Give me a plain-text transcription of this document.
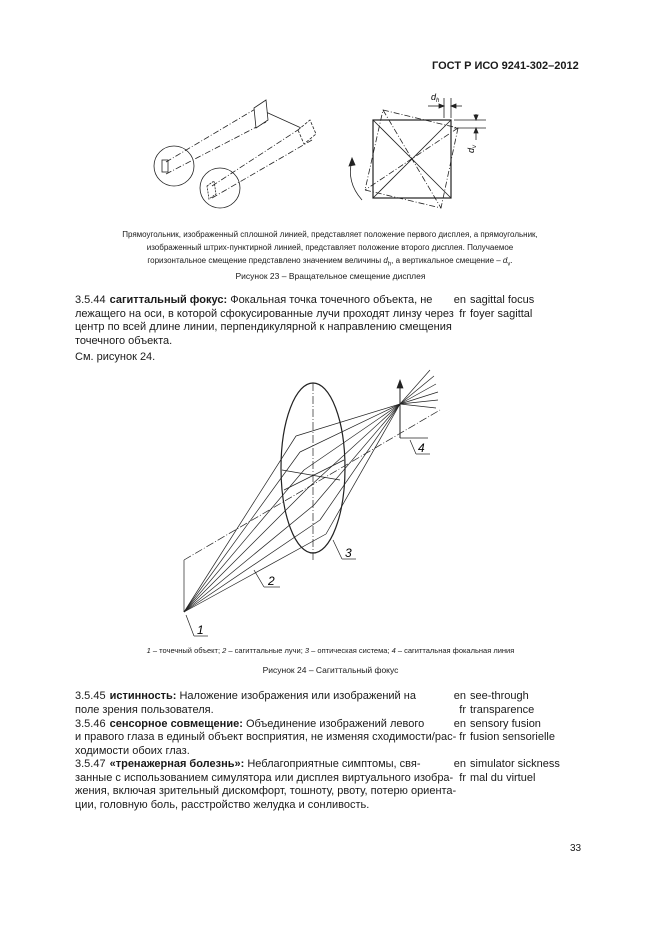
ГОСТ Р ИСО 9241-302–2012
$d_h$
$d_v$
Прямоугольник, изображенный сплошной линией, представляет положение первого дисплея, а прямоугольник,
изображенный штрих-пунктирной линией, представляет положение второго дисплея. Получаемое
горизонтальное смещение представлено значением величины $d_h$, а вертикальное смещение – $d_v$.
Рисунок 23 – Вращательное смещение дисплея
3.5.44 сагиттальный фокус: Фокальная точка точечного объекта, не
лежащего на оси, в которой сфокусированные лучи проходят линзу через
центр по всей длине линии, перпендикулярной к направлению смещения
точечного объекта.
См. рисунок 24.
en sagittal focus
fr foyer sagittal
4
3
2
1
1 – точечный объект; 2 – сагиттальные лучи; 3 – оптическая система; 4 – сагиттальная фокальная линия
Рисунок 24 – Сагиттальный фокус
3.5.45 истинность: Наложение изображения или изображений на
поле зрения пользователя.
en see-through
fr transparence
3.5.46 сенсорное совмещение: Объединение изображений левого
и правого глаза в единый объект восприятия, не изменяя сходимости/рас-
ходимости обоих глаз.
en sensory fusion
fr fusion sensorielle
3.5.47 «тренажерная болезнь»: Неблагоприятные симптомы, свя-
занные с использованием симулятора или дисплея виртуального изобра-
жения, включая зрительный дискомфорт, тошноту, рвоту, потерю ориента-
ции, головную боль, расстройство желудка и сонливость.
en simulator sickness
fr mal du virtuel
33
